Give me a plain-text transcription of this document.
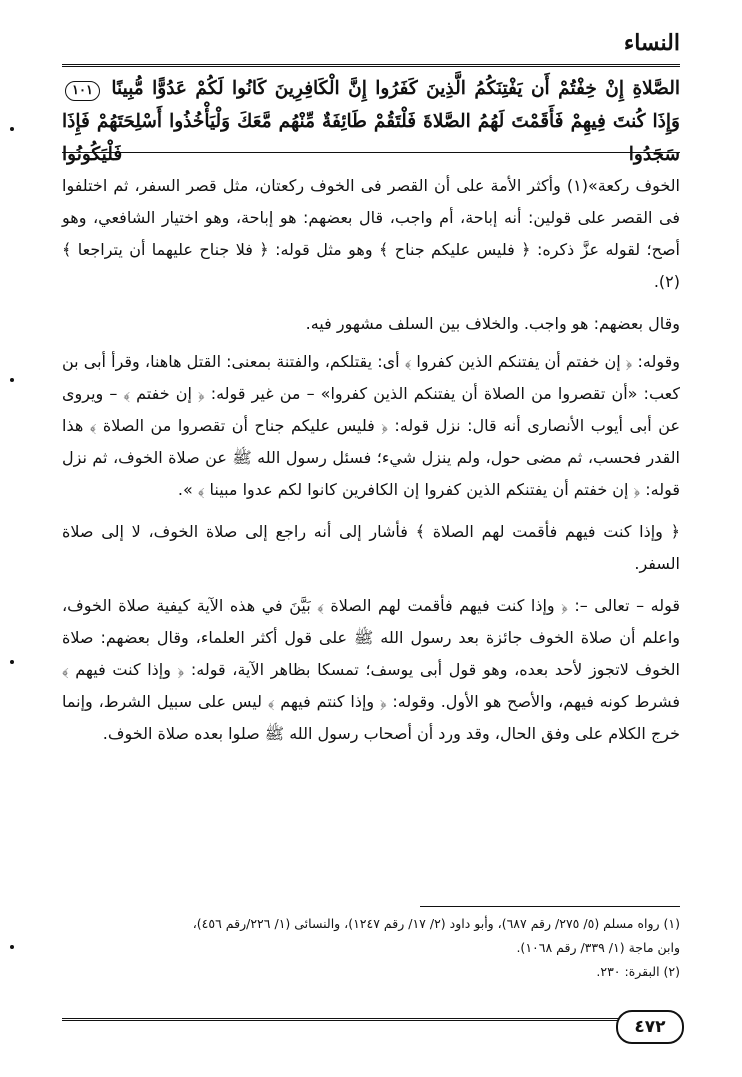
النساء
الصَّلاةِ إِنْ خِفْتُمْ أَن يَفْتِنَكُمُ الَّذِينَ كَفَرُوا إِنَّ الْكَافِرِينَ كَانُوا لَكُمْ عَدُوًّا مُّبِينًا ١٠١ وَإِذَا كُنتَ فِيهِمْ فَأَقَمْتَ لَهُمُ الصَّلاةَ فَلْتَقُمْ طَائِفَةٌ مِّنْهُم مَّعَكَ وَلْيَأْخُذُوا أَسْلِحَتَهُمْ فَإِذَا سَجَدُوا فَلْيَكُونُوا

الخوف ركعة»(١) وأكثر الأمة على أن القصر فى الخوف ركعتان، مثل قصر السفر، ثم اختلفوا فى القصر على قولين: أنه إباحة، أم واجب، قال بعضهم: هو إباحة، وهو اختيار الشافعي، وهو أصح؛ لقوله عزَّ ذكره: ﴿ فليس عليكم جناح ﴾ وهو مثل قوله: ﴿ فلا جناح عليهما أن يتراجعا ﴾(٢).

وقال بعضهم: هو واجب. والخلاف بين السلف مشهور فيه.

وقوله: ﴿ إن خفتم أن يفتنكم الذين كفروا ﴾ أى: يقتلكم، والفتنة بمعنى: القتل هاهنا، وقرأ أبى بن كعب: «أن تقصروا من الصلاة أن يفتنكم الذين كفروا» – من غير قوله: ﴿ إن خفتم ﴾ – ويروى عن أبى أيوب الأنصارى أنه قال: نزل قوله: ﴿ فليس عليكم جناح أن تقصروا من الصلاة ﴾ هذا القدر فحسب، ثم مضى حول، ولم ينزل شيء؛ فسئل رسول الله ﷺ عن صلاة الخوف، ثم نزل قوله: ﴿ إن خفتم أن يفتنكم الذين كفروا إن الكافرين كانوا لكم عدوا مبينا ﴾ ».

﴿ وإذا كنت فيهم فأقمت لهم الصلاة ﴾ فأشار إلى أنه راجع إلى صلاة الخوف، لا إلى صلاة السفر.

قوله – تعالى –: ﴿ وإذا كنت فيهم فأقمت لهم الصلاة ﴾ بَيَّنَ في هذه الآية كيفية صلاة الخوف، واعلم أن صلاة الخوف جائزة بعد رسول الله ﷺ على قول أكثر العلماء، وقال بعضهم: صلاة الخوف لاتجوز لأحد بعده، وهو قول أبى يوسف؛ تمسكا بظاهر الآية، قوله: ﴿ وإذا كنت فيهم ﴾ فشرط كونه فيهم، والأصح هو الأول. وقوله: ﴿ وإذا كنتم فيهم ﴾ ليس على سبيل الشرط، وإنما خرج الكلام على وفق الحال، وقد ورد أن أصحاب رسول الله ﷺ صلوا بعده صلاة الخوف.

(١) رواه مسلم (٥/ ٢٧٥/ رقم ٦٨٧)، وأبو داود (٢/ ١٧/ رقم ١٢٤٧)، والنسائى (١/ ٢٢٦/رقم ٤٥٦)،
وابن ماجة (١/ ٣٣٩/ رقم ١٠٦٨).
(٢) البقرة: ٢٣٠.
٤٧٢
